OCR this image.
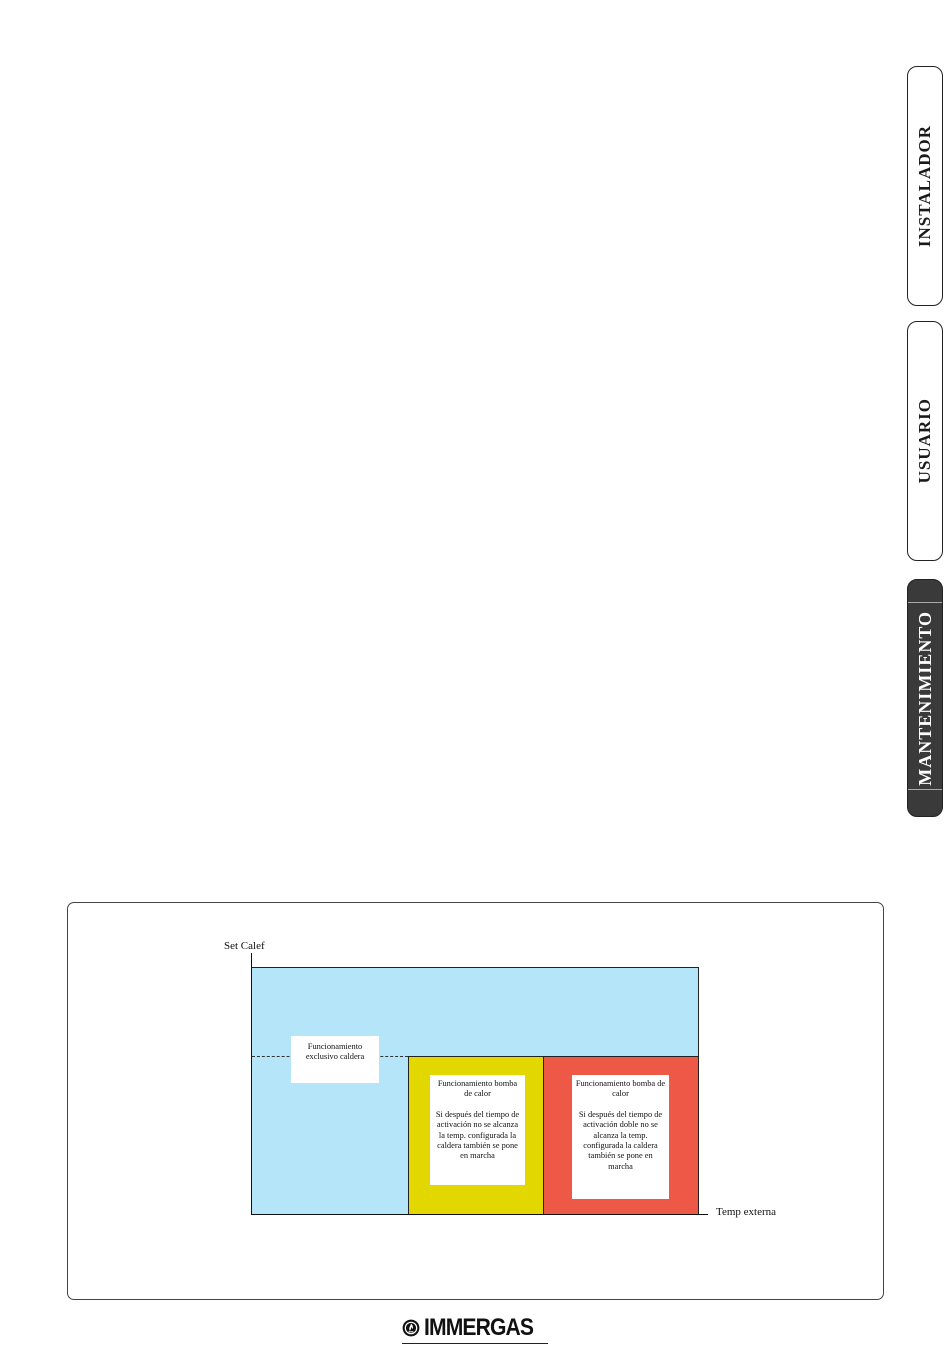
INSTALADOR
USUARIO
MANTENIMIENTO
Set Calef
Temp externa
Funcionamiento exclusivo caldera
Funcionamiento bomba de calor
Si después del tiempo de activación no se alcanza la temp. configurada la caldera también se pone en marcha
Funcionamiento bomba de calor
Si después del tiempo de activación doble no se alcanza la temp. configurada la caldera también se pone en marcha
IMMERGAS
